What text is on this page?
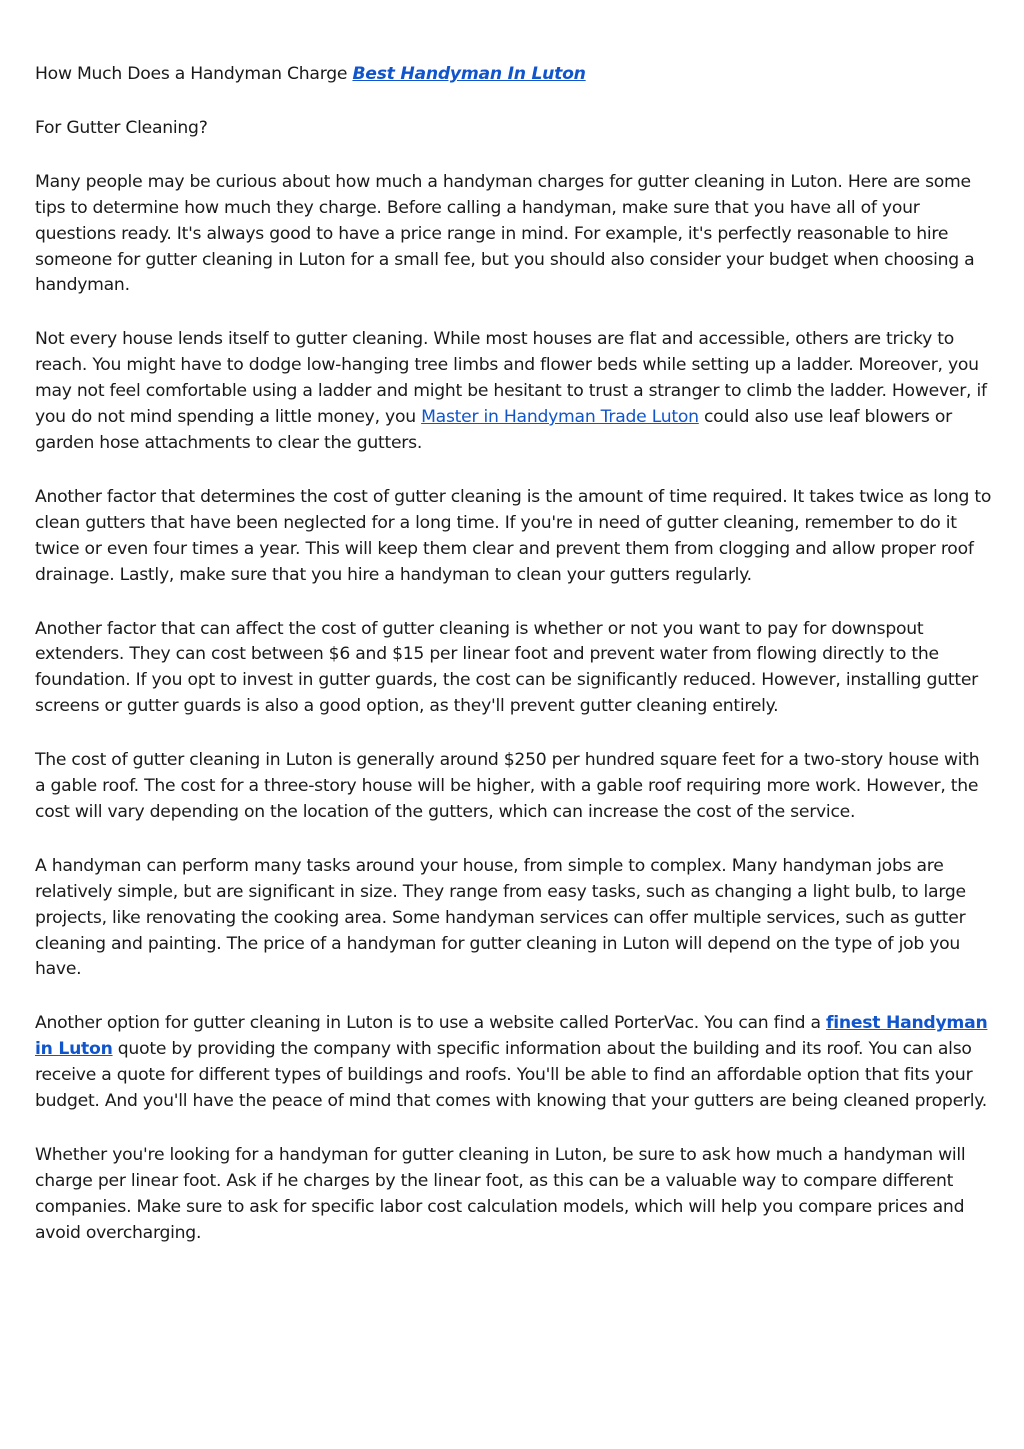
How Much Does a Handyman Charge Best Handyman In Luton

For Gutter Cleaning?

Many people may be curious about how much a handyman charges for gutter cleaning in Luton. Here are some tips to determine how much they charge. Before calling a handyman, make sure that you have all of your questions ready. It's always good to have a price range in mind. For example, it's perfectly reasonable to hire someone for gutter cleaning in Luton for a small fee, but you should also consider your budget when choosing a handyman.

Not every house lends itself to gutter cleaning. While most houses are flat and accessible, others are tricky to reach. You might have to dodge low-hanging tree limbs and flower beds while setting up a ladder. Moreover, you may not feel comfortable using a ladder and might be hesitant to trust a stranger to climb the ladder. However, if you do not mind spending a little money, you Master in Handyman Trade Luton could also use leaf blowers or garden hose attachments to clear the gutters.

Another factor that determines the cost of gutter cleaning is the amount of time required. It takes twice as long to clean gutters that have been neglected for a long time. If you're in need of gutter cleaning, remember to do it twice or even four times a year. This will keep them clear and prevent them from clogging and allow proper roof drainage. Lastly, make sure that you hire a handyman to clean your gutters regularly.

Another factor that can affect the cost of gutter cleaning is whether or not you want to pay for downspout extenders. They can cost between $6 and $15 per linear foot and prevent water from flowing directly to the foundation. If you opt to invest in gutter guards, the cost can be significantly reduced. However, installing gutter screens or gutter guards is also a good option, as they'll prevent gutter cleaning entirely.

The cost of gutter cleaning in Luton is generally around $250 per hundred square feet for a two-story house with a gable roof. The cost for a three-story house will be higher, with a gable roof requiring more work. However, the cost will vary depending on the location of the gutters, which can increase the cost of the service.

A handyman can perform many tasks around your house, from simple to complex. Many handyman jobs are relatively simple, but are significant in size. They range from easy tasks, such as changing a light bulb, to large projects, like renovating the cooking area. Some handyman services can offer multiple services, such as gutter cleaning and painting. The price of a handyman for gutter cleaning in Luton will depend on the type of job you have.

Another option for gutter cleaning in Luton is to use a website called PorterVac. You can find a finest Handyman in Luton quote by providing the company with specific information about the building and its roof. You can also receive a quote for different types of buildings and roofs. You'll be able to find an affordable option that fits your budget. And you'll have the peace of mind that comes with knowing that your gutters are being cleaned properly.

Whether you're looking for a handyman for gutter cleaning in Luton, be sure to ask how much a handyman will charge per linear foot. Ask if he charges by the linear foot, as this can be a valuable way to compare different companies. Make sure to ask for specific labor cost calculation models, which will help you compare prices and avoid overcharging.
